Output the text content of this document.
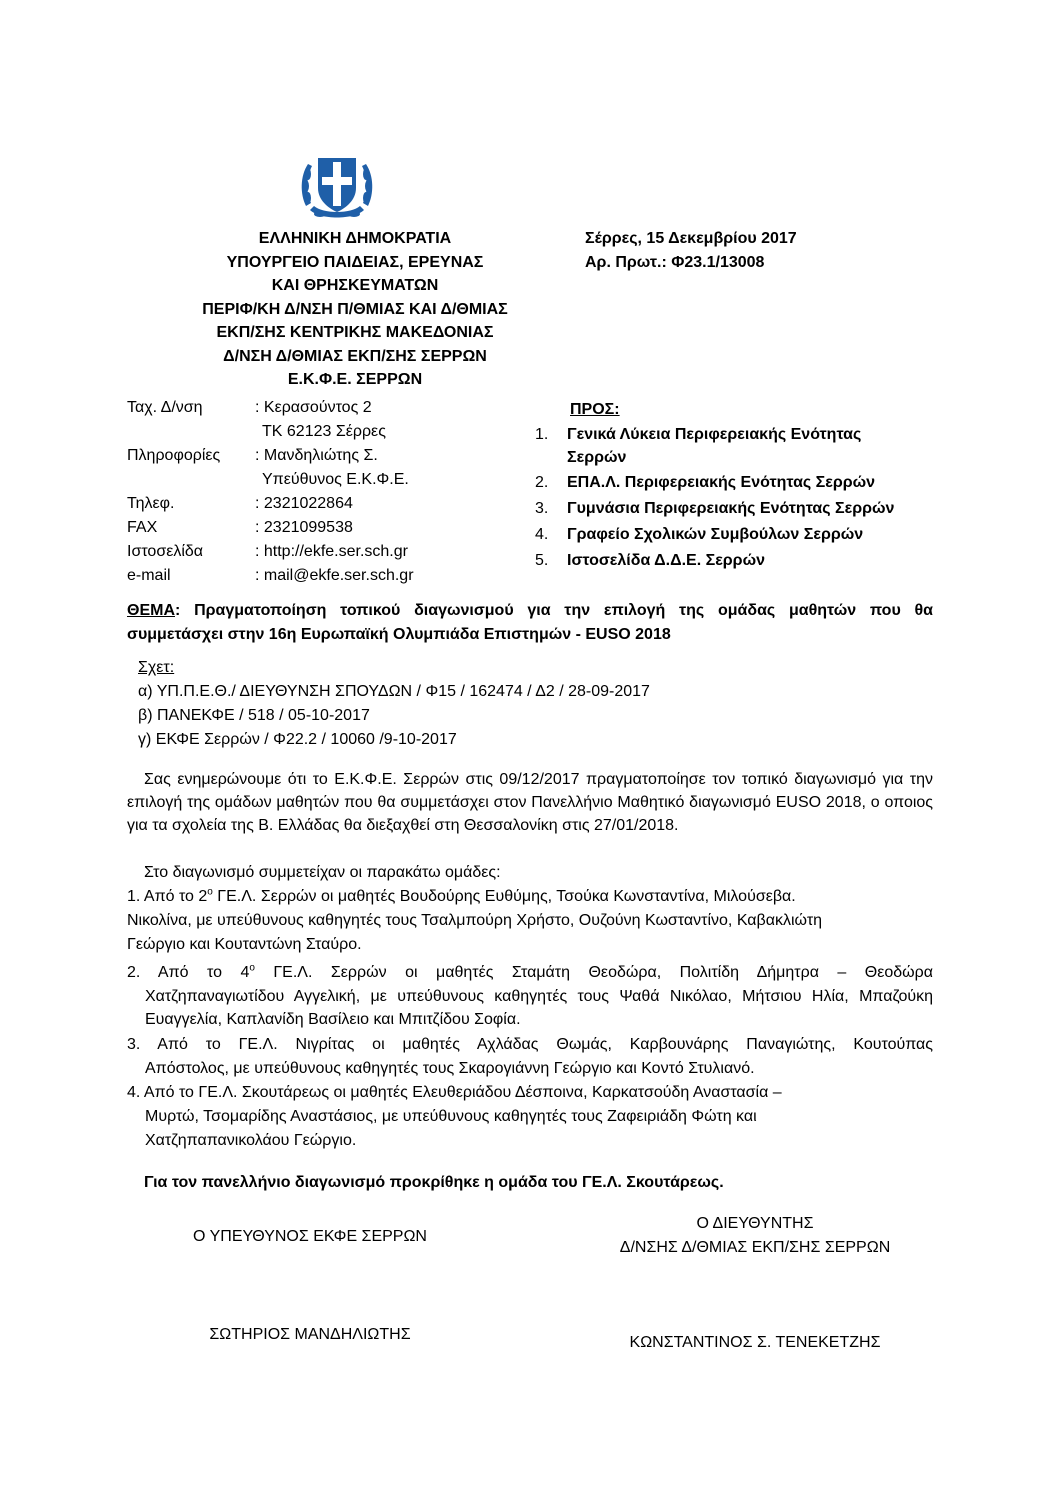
ΕΛΛΗΝΙΚΗ ΔΗΜΟΚΡΑΤΙΑ
ΥΠΟΥΡΓΕΙΟ ΠΑΙΔΕΙΑΣ, ΕΡΕΥΝΑΣ
ΚΑΙ ΘΡΗΣΚΕΥΜΑΤΩΝ
ΠΕΡΙΦ/ΚΗ Δ/ΝΣΗ Π/ΘΜΙΑΣ ΚΑΙ Δ/ΘΜΙΑΣ
ΕΚΠ/ΣΗΣ ΚΕΝΤΡΙΚΗΣ ΜΑΚΕΔΟΝΙΑΣ
Δ/ΝΣΗ Δ/ΘΜΙΑΣ ΕΚΠ/ΣΗΣ ΣΕΡΡΩΝ
Ε.Κ.Φ.Ε. ΣΕΡΡΩΝ
Σέρρες, 15 Δεκεμβρίου 2017
Αρ. Πρωτ.: Φ23.1/13008
Ταχ. Δ/νση	: Κερασούντος 2
ΤΚ 62123 Σέρρες
Πληροφορίες : Μανδηλιώτης Σ.
Υπεύθυνος Ε.Κ.Φ.Ε.
Τηλεφ.	: 2321022864
FAX	: 2321099538
Ιστοσελίδα	: http://ekfe.ser.sch.gr
e-mail	: mail@ekfe.ser.sch.gr
ΠΡΟΣ:
1. Γενικά Λύκεια Περιφερειακής Ενότητας
Σερρών
2. ΕΠΑ.Λ. Περιφερειακής Ενότητας Σερρών
3. Γυμνάσια Περιφερειακής Ενότητας Σερρών
4. Γραφείο Σχολικών Συμβούλων Σερρών
5. Ιστοσελίδα Δ.Δ.Ε. Σερρών
ΘΕΜΑ: Πραγματοποίηση τοπικού διαγωνισμού για την επιλογή της ομάδας μαθητών που θα
συμμετάσχει στην 16η Ευρωπαϊκή Ολυμπιάδα Επιστημών - EUSO 2018
Σχετ:
α) ΥΠ.Π.Ε.Θ./ ΔΙΕΥΘΥΝΣΗ ΣΠΟΥΔΩΝ / Φ15 / 162474 / Δ2 / 28-09-2017
β) ΠΑΝΕΚΦΕ / 518 / 05-10-2017
γ) ΕΚΦΕ Σερρών / Φ22.2 / 10060 /9-10-2017
Σας ενημερώνουμε ότι το Ε.Κ.Φ.Ε. Σερρών στις 09/12/2017 πραγματοποίησε τον τοπικό διαγωνισμό για την επιλογή της ομάδων μαθητών που θα συμμετάσχει στον Πανελλήνιο Μαθητικό διαγωνισμό EUSO 2018, ο οποιος για τα σχολεία της Β. Ελλάδας θα διεξαχθεί στη Θεσσαλονίκη στις 27/01/2018.
Στο διαγωνισμό συμμετείχαν οι παρακάτω ομάδες:
1. Από το $2^o$ ΓΕ.Λ. Σερρών οι μαθητές Βουδούρης Ευθύμης, Τσούκα Κωνσταντίνα, Μιλούσεβα.
Νικολίνα, με υπεύθυνους καθηγητές τους Τσαλμπούρη Χρήστο, Ουζούνη Κωσταντίνο, Καβακλιώτη
Γεώργιο και Κουταντώνη Σταύρο.
2. Από το $4^o$ ΓΕ.Λ. Σερρών οι μαθητές Σταμάτη Θεοδώρα, Πολιτίδη Δήμητρα – Θεοδώρα
Χατζηπαναγιωτίδου Αγγελική, με υπεύθυνους καθηγητές τους Ψαθά Νικόλαο, Μήτσιου Ηλία, Μπαζούκη Ευαγγελία, Καπλανίδη Βασίλειο και Μπιτζίδου Σοφία.
3. Από το ΓΕ.Λ. Νιγρίτας οι μαθητές Αχλάδας Θωμάς, Καρβουνάρης Παναγιώτης, Κουτούπας
Απόστολος, με υπεύθυνους καθηγητές τους Σκαρογιάννη Γεώργιο και Κοντό Στυλιανό.
4. Από το ΓΕ.Λ. Σκουτάρεως οι μαθητές Ελευθεριάδου Δέσποινα, Καρκατσούδη Αναστασία –
Μυρτώ, Τσομαρίδης Αναστάσιος, με υπεύθυνους καθηγητές τους Ζαφειριάδη Φώτη και
Χατζηπαπανικολάου Γεώργιο.
Για τον πανελλήνιο διαγωνισμό προκρίθηκε η ομάδα του ΓΕ.Λ. Σκουτάρεως.
Ο ΥΠΕΥΘΥΝΟΣ ΕΚΦΕ ΣΕΡΡΩΝ
ΣΩΤΗΡΙΟΣ ΜΑΝΔΗΛΙΩΤΗΣ
Ο ΔΙΕΥΘΥΝΤΗΣ
Δ/ΝΣΗΣ Δ/ΘΜΙΑΣ ΕΚΠ/ΣΗΣ ΣΕΡΡΩΝ
ΚΩΝΣΤΑΝΤΙΝΟΣ Σ. ΤΕΝΕΚΕΤΖΗΣ
